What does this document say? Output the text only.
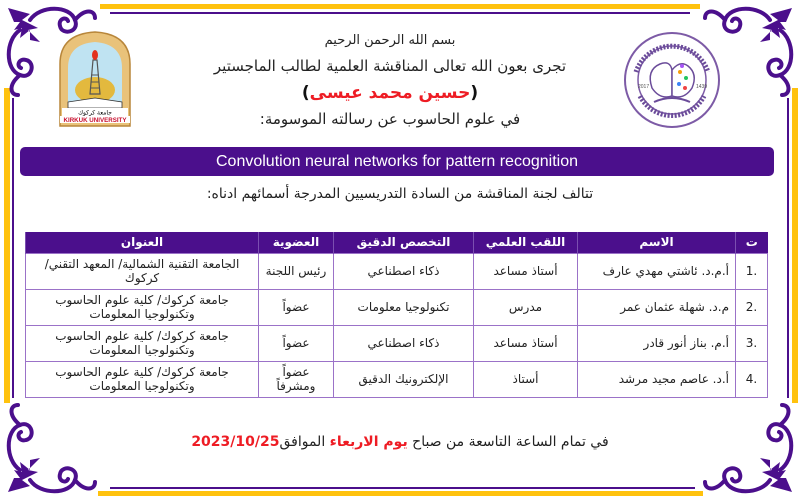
جامعة كركوك
KIRKUK UNIVERSITY
2017	1439
بسم الله الرحمن الرحيم
تجرى بعون الله تعالى المناقشة العلمية لطالب الماجستير
(حسين محمد عيسى)
في علوم الحاسوب عن رسالته الموسومة:
Convolution neural networks for pattern recognition
تتالف لجنة المناقشة من السادة التدريسيين المدرجة أسمائهم ادناه:
ت	الاسم	اللقب العلمي	التخصص الدقيق	العضوية	العنوان
.1	أ.م.د. ئاشتي مهدي عارف	أستاذ مساعد	ذكاء اصطناعي	رئيس اللجنة	الجامعة التقنية الشمالية/ المعهد التقني/ كركوك
.2	م.د. شهلة عثمان عمر	مدرس	تكنولوجيا معلومات	عضواً	جامعة كركوك/ كلية علوم الحاسوب وتكنولوجيا المعلومات
.3	أ.م. بناز أنور قادر	أستاذ مساعد	ذكاء اصطناعي	عضواً	جامعة كركوك/ كلية علوم الحاسوب وتكنولوجيا المعلومات
.4	أ.د. عاصم مجيد مرشد	أستاذ	الإلكترونيك الدقيق	عضواً ومشرفاً	جامعة كركوك/ كلية علوم الحاسوب وتكنولوجيا المعلومات
في تمام الساعة التاسعة من صباح يوم الاربعاء الموافق2023/10/25
